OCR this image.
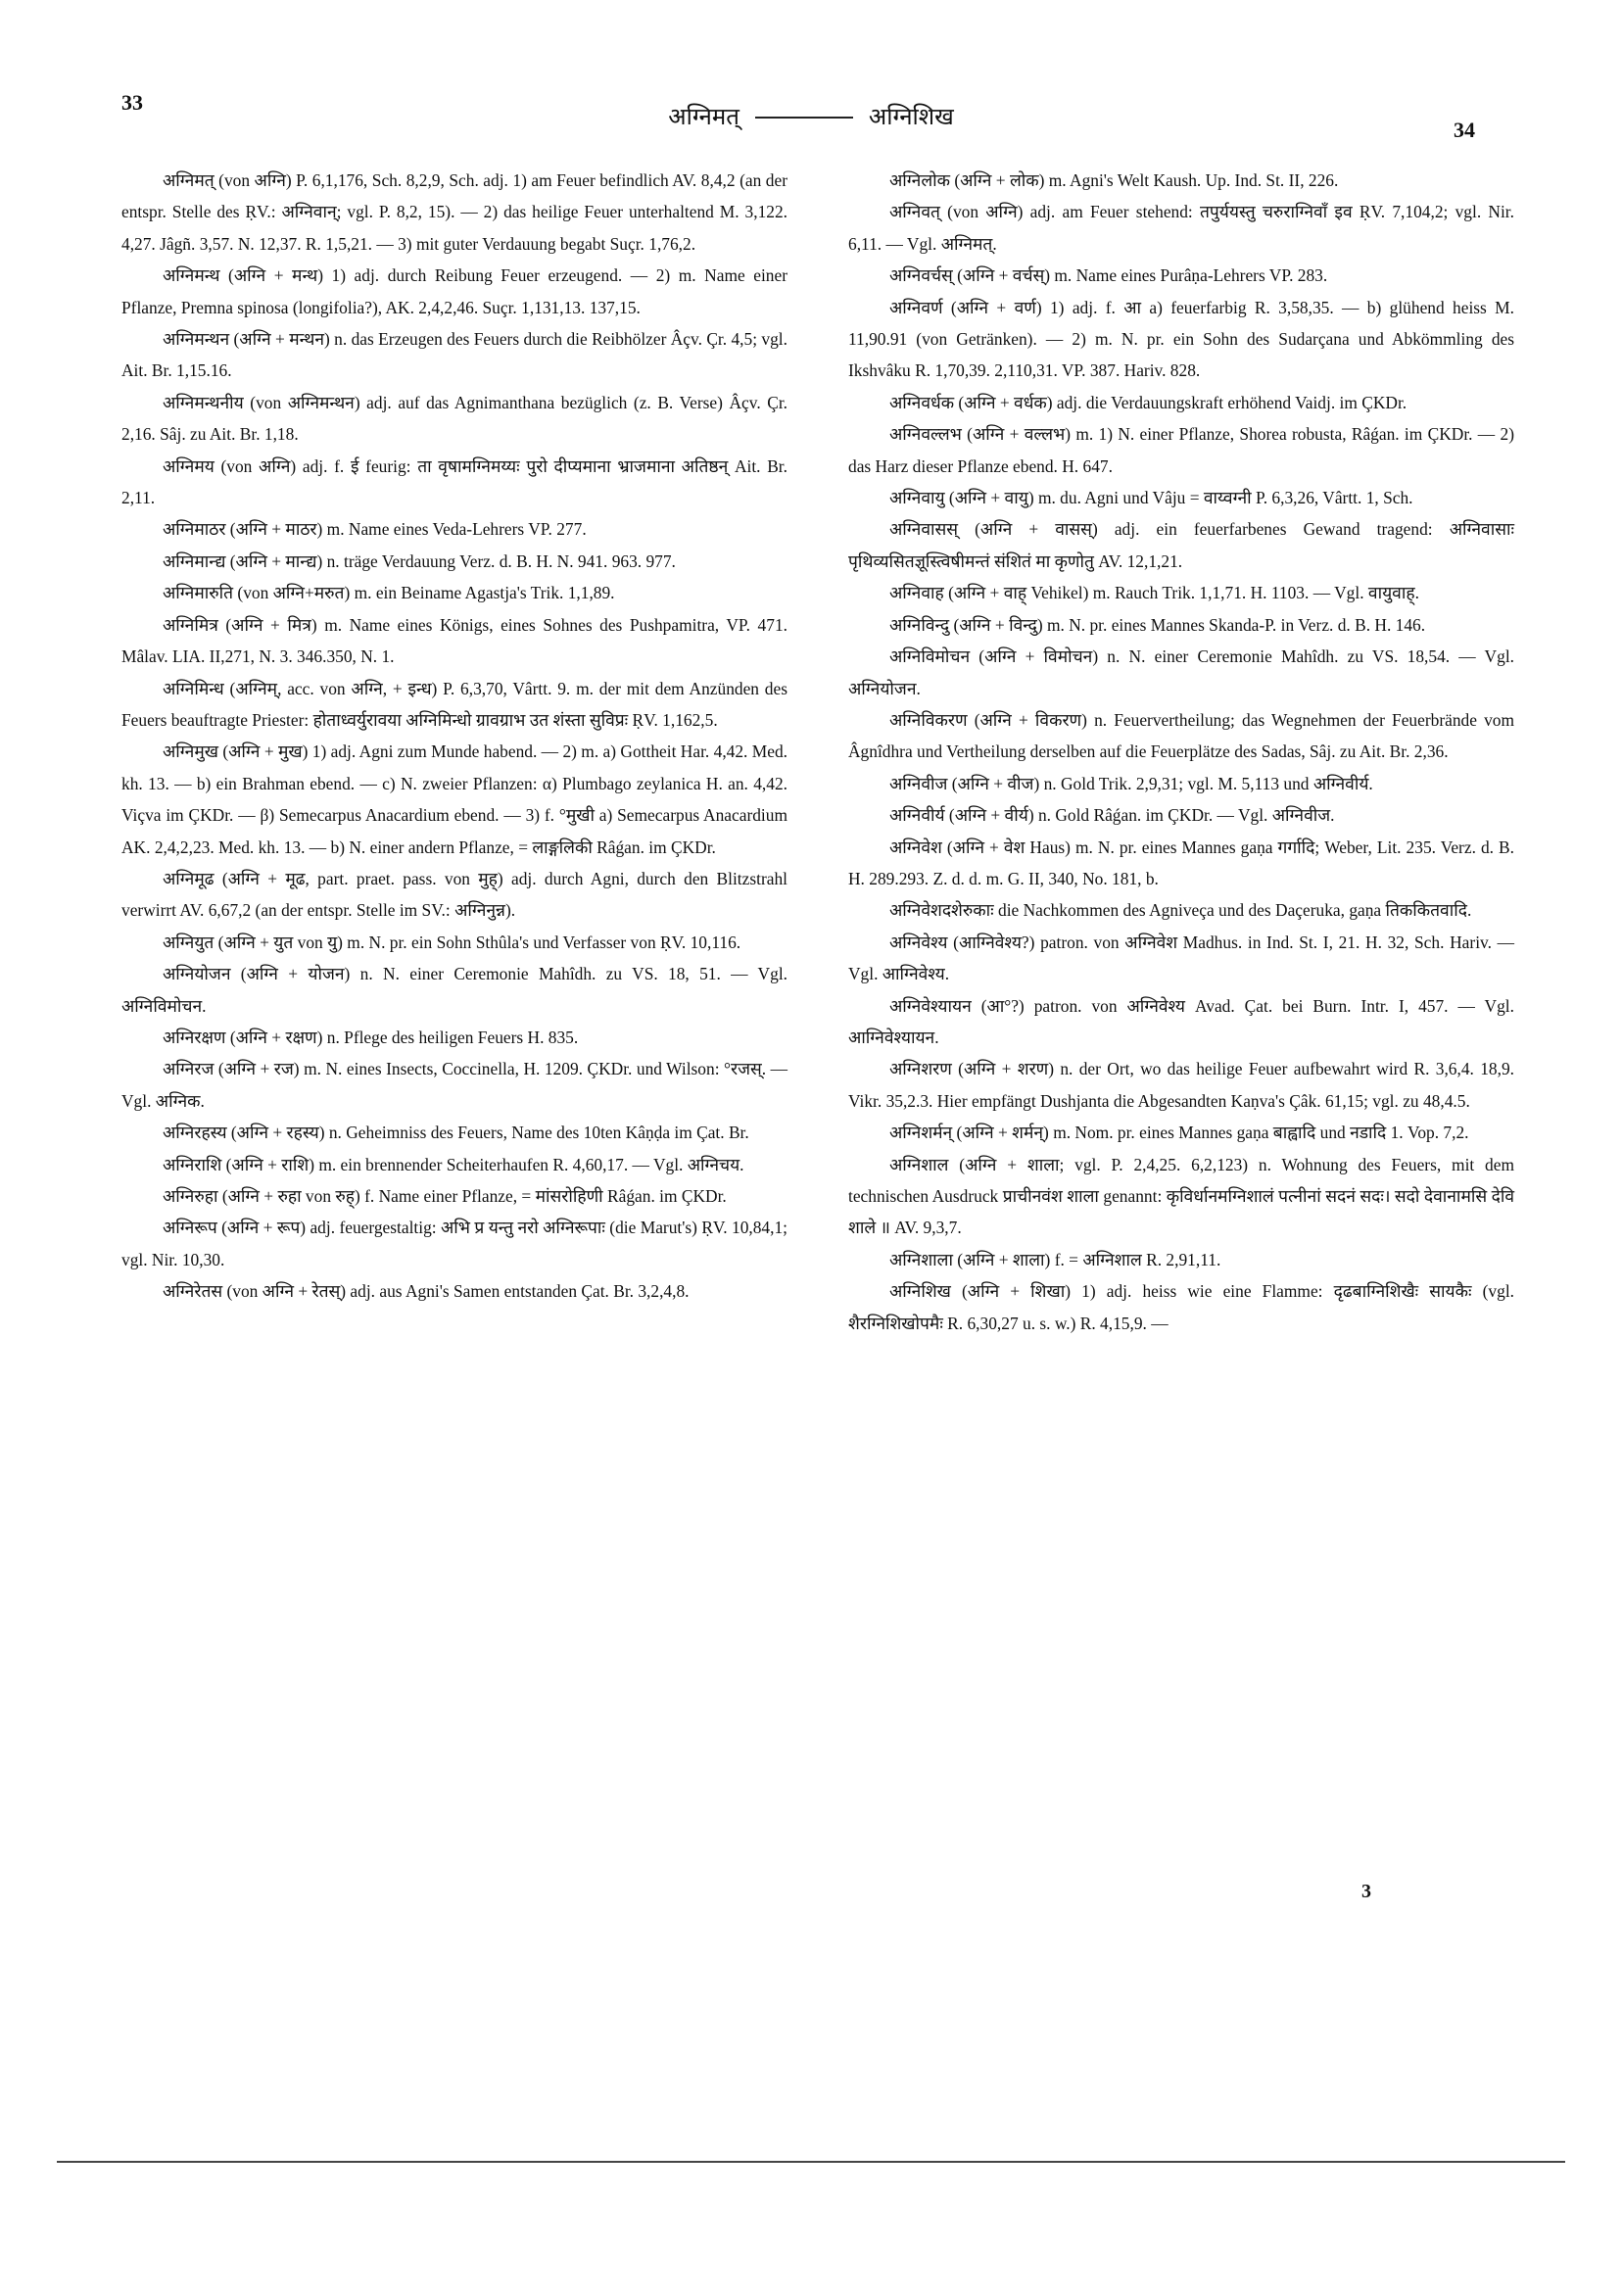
33
अग्निमत्	अग्निशिख	34

अग्निमत् (von अग्नि) P. 6,1,176, Sch. 8,2,9, Sch. adj. 1) am Feuer befindlich AV. 8,4,2 (an der entspr. Stelle des ṚV.: अग्निवान्; vgl. P. 8,2, 15). — 2) das heilige Feuer unterhaltend M. 3,122. 4,27. Jâgñ. 3,57. N. 12,37. R. 1,5,21. — 3) mit guter Verdauung begabt Suçr. 1,76,2.

अग्निमन्थ (अग्नि + मन्थ) 1) adj. durch Reibung Feuer erzeugend. — 2) m. Name einer Pflanze, Premna spinosa (longifolia?), AK. 2,4,2,46. Suçr. 1,131,13. 137,15.

अग्निमन्थन (अग्नि + मन्थन) n. das Erzeugen des Feuers durch die Reibhölzer Âçv. Çr. 4,5; vgl. Ait. Br. 1,15.16.

अग्निमन्थनीय (von अग्निमन्थन) adj. auf das Agnimanthana bezüglich (z. B. Verse) Âçv. Çr. 2,16. Sâj. zu Ait. Br. 1,18.

अग्निमय (von अग्नि) adj. f. ई feurig: ता वृषामग्निमय्यः पुरो दीप्यमाना भ्राजमाना अतिष्ठन् Ait. Br. 2,11.

अग्निमाठर (अग्नि + माठर) m. Name eines Veda-Lehrers VP. 277.

अग्निमान्द्य (अग्नि + मान्द्य) n. träge Verdauung Verz. d. B. H. N. 941. 963. 977.

अग्निमारुति (von अग्नि+मरुत) m. ein Beiname Agastja's Trik. 1,1,89.

अग्निमित्र (अग्नि + मित्र) m. Name eines Königs, eines Sohnes des Pushpamitra, VP. 471. Mâlav. LIA. II,271, N. 3. 346.350, N. 1.

अग्निमिन्ध (अग्निम्, acc. von अग्नि, + इन्ध) P. 6,3,70, Vârtt. 9. m. der mit dem Anzünden des Feuers beauftragte Priester: होताध्वर्युरावया अग्निमिन्धो ग्रावग्राभ उत शंस्ता सुविप्रः ṚV. 1,162,5.

अग्निमुख (अग्नि + मुख) 1) adj. Agni zum Munde habend. — 2) m. a) Gottheit Har. 4,42. Med. kh. 13. — b) ein Brahman ebend. — c) N. zweier Pflanzen: α) Plumbago zeylanica H. an. 4,42. Viçva im ÇKDr. — β) Semecarpus Anacardium ebend. — 3) f. °मुखी a) Semecarpus Anacardium AK. 2,4,2,23. Med. kh. 13. — b) N. einer andern Pflanze, = लाङ्गलिकी Râǵan. im ÇKDr.

अग्निमूढ (अग्नि + मूढ, part. praet. pass. von मुह्) adj. durch Agni, durch den Blitzstrahl verwirrt AV. 6,67,2 (an der entspr. Stelle im SV.: अग्निनुन्न).

अग्नियुत (अग्नि + युत von यु) m. N. pr. ein Sohn Sthûla's und Verfasser von ṚV. 10,116.

अग्नियोजन (अग्नि + योजन) n. N. einer Ceremonie Mahîdh. zu VS. 18, 51. — Vgl. अग्निविमोचन.

अग्निरक्षण (अग्नि + रक्षण) n. Pflege des heiligen Feuers H. 835.

अग्निरज (अग्नि + रज) m. N. eines Insects, Coccinella, H. 1209. ÇKDr. und Wilson: °रजस्. — Vgl. अग्निक.

अग्निरहस्य (अग्नि + रहस्य) n. Geheimniss des Feuers, Name des 10ten Kâṇḍa im Çat. Br.

अग्निराशि (अग्नि + राशि) m. ein brennender Scheiterhaufen R. 4,60,17. — Vgl. अग्निचय.

अग्निरुहा (अग्नि + रुहा von रुह्) f. Name einer Pflanze, = मांसरोहिणी Râǵan. im ÇKDr.

अग्निरूप (अग्नि + रूप) adj. feuergestaltig: अभि प्र यन्तु नरो अग्निरूपाः (die Marut's) ṚV. 10,84,1; vgl. Nir. 10,30.

अग्निरेतस (von अग्नि + रेतस्) adj. aus Agni's Samen entstanden Çat. Br. 3,2,4,8.

अग्निलोक (अग्नि + लोक) m. Agni's Welt Kaush. Up. Ind. St. II, 226.

अग्निवत् (von अग्नि) adj. am Feuer stehend: तपुर्ययस्तु चरुराग्निवाँ इव ṚV. 7,104,2; vgl. Nir. 6,11. — Vgl. अग्निमत्.

अग्निवर्चस् (अग्नि + वर्चस्) m. Name eines Purâṇa-Lehrers VP. 283.

अग्निवर्ण (अग्नि + वर्ण) 1) adj. f. आ a) feuerfarbig R. 3,58,35. — b) glühend heiss M. 11,90.91 (von Getränken). — 2) m. N. pr. ein Sohn des Sudarçana und Abkömmling des Ikshvâku R. 1,70,39. 2,110,31. VP. 387. Hariv. 828.

अग्निवर्धक (अग्नि + वर्धक) adj. die Verdauungskraft erhöhend Vaidj. im ÇKDr.

अग्निवल्लभ (अग्नि + वल्लभ) m. 1) N. einer Pflanze, Shorea robusta, Râǵan. im ÇKDr. — 2) das Harz dieser Pflanze ebend. H. 647.

अग्निवायु (अग्नि + वायु) m. du. Agni und Vâju = वाय्वग्नी P. 6,3,26, Vârtt. 1, Sch.

अग्निवासस् (अग्नि + वासस्) adj. ein feuerfarbenes Gewand tragend: अग्निवासाः पृथिव्यसितज्ञूस्त्विषीमन्तं संशितं मा कृणोतु AV. 12,1,21.

अग्निवाह (अग्नि + वाह् Vehikel) m. Rauch Trik. 1,1,71. H. 1103. — Vgl. वायुवाह्.

अग्निविन्दु (अग्नि + विन्दु) m. N. pr. eines Mannes Skanda-P. in Verz. d. B. H. 146.

अग्निविमोचन (अग्नि + विमोचन) n. N. einer Ceremonie Mahîdh. zu VS. 18,54. — Vgl. अग्नियोजन.

अग्निविकरण (अग्नि + विकरण) n. Feuervertheilung; das Wegnehmen der Feuerbrände vom Âgnîdhra und Vertheilung derselben auf die Feuerplätze des Sadas, Sâj. zu Ait. Br. 2,36.

अग्निवीज (अग्नि + वीज) n. Gold Trik. 2,9,31; vgl. M. 5,113 und अग्निवीर्य.

अग्निवीर्य (अग्नि + वीर्य) n. Gold Râǵan. im ÇKDr. — Vgl. अग्निवीज.

अग्निवेश (अग्नि + वेश Haus) m. N. pr. eines Mannes gaṇa गर्गादि; Weber, Lit. 235. Verz. d. B. H. 289.293. Z. d. d. m. G. II, 340, No. 181, b.

अग्निवेशदशेरुकाः die Nachkommen des Agniveça und des Daçeruka, gaṇa तिककितवादि.

अग्निवेश्य (आग्निवेश्य?) patron. von अग्निवेश Madhus. in Ind. St. I, 21. H. 32, Sch. Hariv. — Vgl. आग्निवेश्य.

अग्निवेश्यायन (आ°?) patron. von अग्निवेश्य Avad. Çat. bei Burn. Intr. I, 457. — Vgl. आग्निवेश्यायन.

अग्निशरण (अग्नि + शरण) n. der Ort, wo das heilige Feuer aufbewahrt wird R. 3,6,4. 18,9. Vikr. 35,2.3. Hier empfängt Dushjanta die Abgesandten Kaṇva's Çâk. 61,15; vgl. zu 48,4.5.

अग्निशर्मन् (अग्नि + शर्मन्) m. Nom. pr. eines Mannes gaṇa बाह्वादि und नडादि 1. Vop. 7,2.

अग्निशाल (अग्नि + शाला; vgl. P. 2,4,25. 6,2,123) n. Wohnung des Feuers, mit dem technischen Ausdruck प्राचीनवंश शाला genannt: कृविर्धानमग्निशालं पत्नीनां सदनं सदः। सदो देवानामसि देवि शाले ॥ AV. 9,3,7.

अग्निशाला (अग्नि + शाला) f. = अग्निशाल R. 2,91,11.

अग्निशिख (अग्नि + शिखा) 1) adj. heiss wie eine Flamme: दृढबाग्निशिखैः सायकैः (vgl. शैरग्निशिखोपमैः R. 6,30,27 u. s. w.) R. 4,15,9. —

3
